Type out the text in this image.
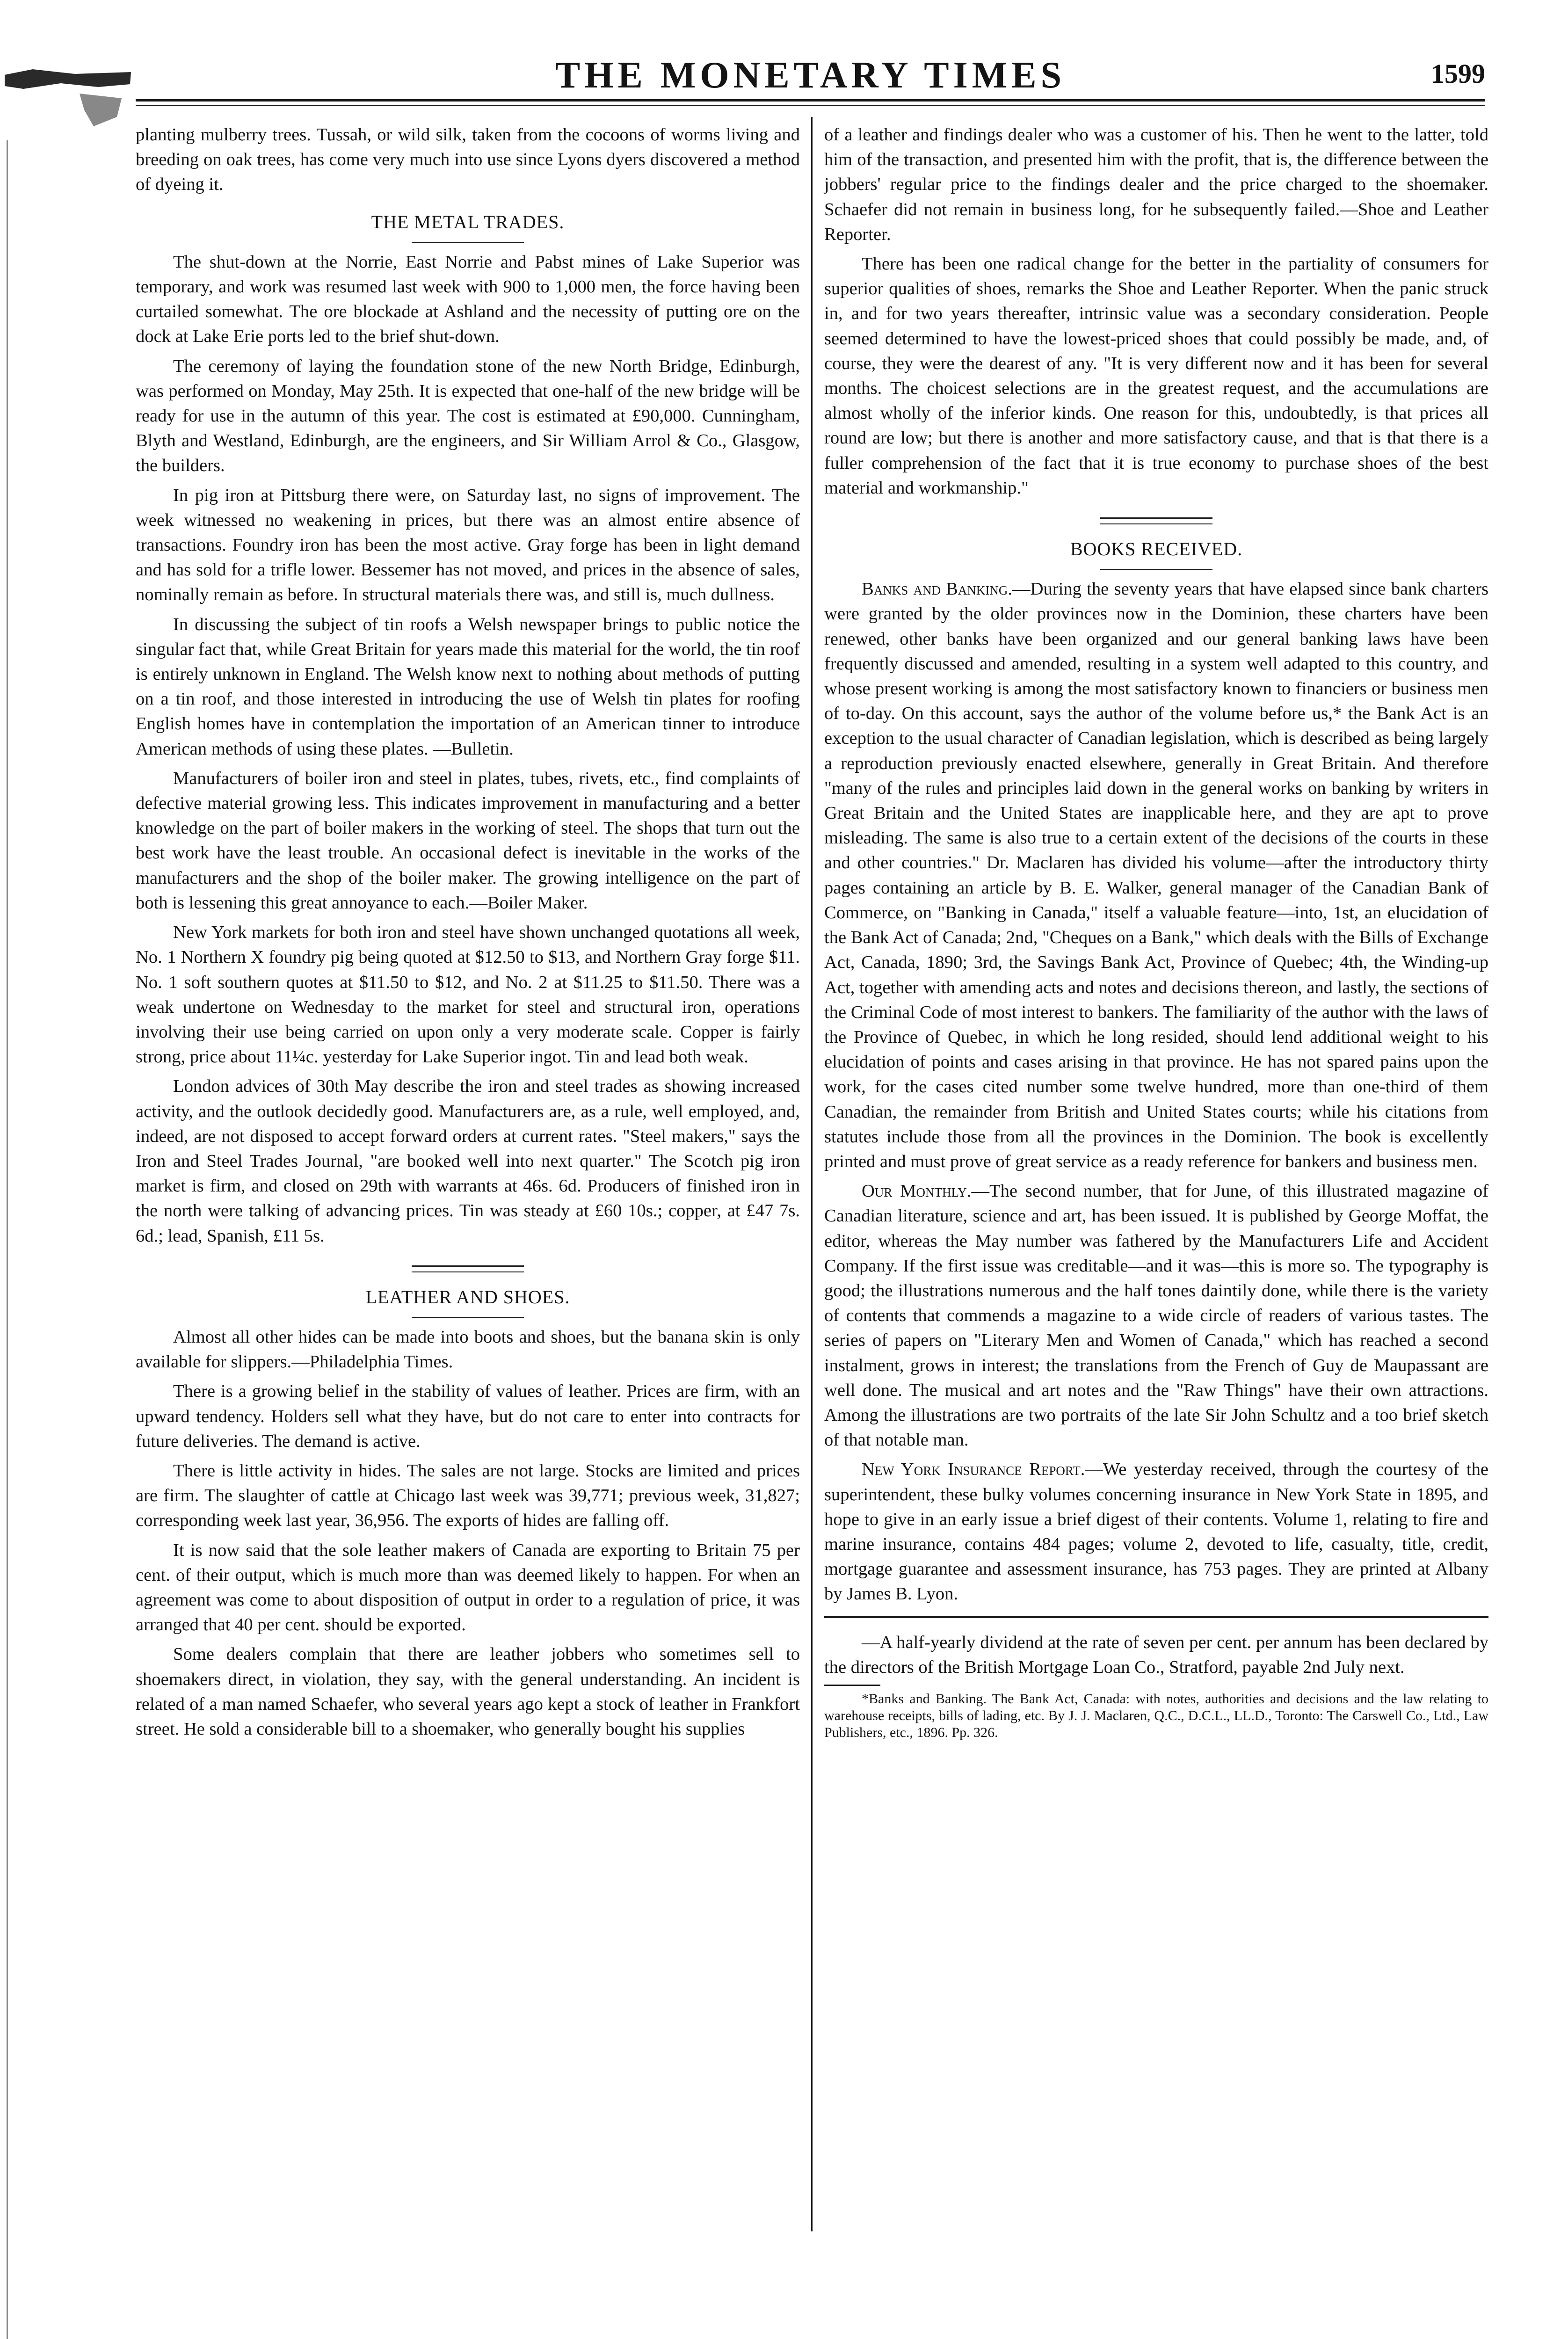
THE MONETARY TIMES	1599

planting mulberry trees. Tussah, or wild silk, taken from the cocoons of worms living and breeding on oak trees, has come very much into use since Lyons dyers discovered a method of dyeing it.

THE METAL TRADES.

The shut-down at the Norrie, East Norrie and Pabst mines of Lake Superior was temporary, and work was resumed last week with 900 to 1,000 men, the force having been curtailed somewhat. The ore blockade at Ashland and the necessity of putting ore on the dock at Lake Erie ports led to the brief shut-down.

The ceremony of laying the foundation stone of the new North Bridge, Edinburgh, was performed on Monday, May 25th. It is expected that one-half of the new bridge will be ready for use in the autumn of this year. The cost is estimated at £90,000. Cunningham, Blyth and Westland, Edinburgh, are the engineers, and Sir William Arrol & Co., Glasgow, the builders.

In pig iron at Pittsburg there were, on Saturday last, no signs of improvement. The week witnessed no weakening in prices, but there was an almost entire absence of transactions. Foundry iron has been the most active. Gray forge has been in light demand and has sold for a trifle lower. Bessemer has not moved, and prices in the absence of sales, nominally remain as before. In structural materials there was, and still is, much dullness.

In discussing the subject of tin roofs a Welsh newspaper brings to public notice the singular fact that, while Great Britain for years made this material for the world, the tin roof is entirely unknown in England. The Welsh know next to nothing about methods of putting on a tin roof, and those interested in introducing the use of Welsh tin plates for roofing English homes have in contemplation the importation of an American tinner to introduce American methods of using these plates. —Bulletin.

Manufacturers of boiler iron and steel in plates, tubes, rivets, etc., find complaints of defective material growing less. This indicates improvement in manufacturing and a better knowledge on the part of boiler makers in the working of steel. The shops that turn out the best work have the least trouble. An occasional defect is inevitable in the works of the manufacturers and the shop of the boiler maker. The growing intelligence on the part of both is lessening this great annoyance to each.—Boiler Maker.

New York markets for both iron and steel have shown unchanged quotations all week, No. 1 Northern X foundry pig being quoted at $12.50 to $13, and Northern Gray forge $11. No. 1 soft southern quotes at $11.50 to $12, and No. 2 at $11.25 to $11.50. There was a weak undertone on Wednesday to the market for steel and structural iron, operations involving their use being carried on upon only a very moderate scale. Copper is fairly strong, price about 11¼c. yesterday for Lake Superior ingot. Tin and lead both weak.

London advices of 30th May describe the iron and steel trades as showing increased activity, and the outlook decidedly good. Manufacturers are, as a rule, well employed, and, indeed, are not disposed to accept forward orders at current rates. "Steel makers," says the Iron and Steel Trades Journal, "are booked well into next quarter." The Scotch pig iron market is firm, and closed on 29th with warrants at 46s. 6d. Producers of finished iron in the north were talking of advancing prices. Tin was steady at £60 10s.; copper, at £47 7s. 6d.; lead, Spanish, £11 5s.

LEATHER AND SHOES.

Almost all other hides can be made into boots and shoes, but the banana skin is only available for slippers.—Philadelphia Times.

There is a growing belief in the stability of values of leather. Prices are firm, with an upward tendency. Holders sell what they have, but do not care to enter into contracts for future deliveries. The demand is active.

There is little activity in hides. The sales are not large. Stocks are limited and prices are firm. The slaughter of cattle at Chicago last week was 39,771; previous week, 31,827; corresponding week last year, 36,956. The exports of hides are falling off.

It is now said that the sole leather makers of Canada are exporting to Britain 75 per cent. of their output, which is much more than was deemed likely to happen. For when an agreement was come to about disposition of output in order to a regulation of price, it was arranged that 40 per cent. should be exported.

Some dealers complain that there are leather jobbers who sometimes sell to shoemakers direct, in violation, they say, with the general understanding. An incident is related of a man named Schaefer, who several years ago kept a stock of leather in Frankfort street. He sold a considerable bill to a shoemaker, who generally bought his supplies

of a leather and findings dealer who was a customer of his. Then he went to the latter, told him of the transaction, and presented him with the profit, that is, the difference between the jobbers' regular price to the findings dealer and the price charged to the shoemaker. Schaefer did not remain in business long, for he subsequently failed.—Shoe and Leather Reporter.

There has been one radical change for the better in the partiality of consumers for superior qualities of shoes, remarks the Shoe and Leather Reporter. When the panic struck in, and for two years thereafter, intrinsic value was a secondary consideration. People seemed determined to have the lowest-priced shoes that could possibly be made, and, of course, they were the dearest of any. "It is very different now and it has been for several months. The choicest selections are in the greatest request, and the accumulations are almost wholly of the inferior kinds. One reason for this, undoubtedly, is that prices all round are low; but there is another and more satisfactory cause, and that is that there is a fuller comprehension of the fact that it is true economy to purchase shoes of the best material and workmanship."

BOOKS RECEIVED.

Banks and Banking.—During the seventy years that have elapsed since bank charters were granted by the older provinces now in the Dominion, these charters have been renewed, other banks have been organized and our general banking laws have been frequently discussed and amended, resulting in a system well adapted to this country, and whose present working is among the most satisfactory known to financiers or business men of to-day. On this account, says the author of the volume before us,* the Bank Act is an exception to the usual character of Canadian legislation, which is described as being largely a reproduction previously enacted elsewhere, generally in Great Britain. And therefore "many of the rules and principles laid down in the general works on banking by writers in Great Britain and the United States are inapplicable here, and they are apt to prove misleading. The same is also true to a certain extent of the decisions of the courts in these and other countries." Dr. Maclaren has divided his volume—after the introductory thirty pages containing an article by B. E. Walker, general manager of the Canadian Bank of Commerce, on "Banking in Canada," itself a valuable feature—into, 1st, an elucidation of the Bank Act of Canada; 2nd, "Cheques on a Bank," which deals with the Bills of Exchange Act, Canada, 1890; 3rd, the Savings Bank Act, Province of Quebec; 4th, the Winding-up Act, together with amending acts and notes and decisions thereon, and lastly, the sections of the Criminal Code of most interest to bankers. The familiarity of the author with the laws of the Province of Quebec, in which he long resided, should lend additional weight to his elucidation of points and cases arising in that province. He has not spared pains upon the work, for the cases cited number some twelve hundred, more than one-third of them Canadian, the remainder from British and United States courts; while his citations from statutes include those from all the provinces in the Dominion. The book is excellently printed and must prove of great service as a ready reference for bankers and business men.

Our Monthly.—The second number, that for June, of this illustrated magazine of Canadian literature, science and art, has been issued. It is published by George Moffat, the editor, whereas the May number was fathered by the Manufacturers Life and Accident Company. If the first issue was creditable—and it was—this is more so. The typography is good; the illustrations numerous and the half tones daintily done, while there is the variety of contents that commends a magazine to a wide circle of readers of various tastes. The series of papers on "Literary Men and Women of Canada," which has reached a second instalment, grows in interest; the translations from the French of Guy de Maupassant are well done. The musical and art notes and the "Raw Things" have their own attractions. Among the illustrations are two portraits of the late Sir John Schultz and a too brief sketch of that notable man.

New York Insurance Report.—We yesterday received, through the courtesy of the superintendent, these bulky volumes concerning insurance in New York State in 1895, and hope to give in an early issue a brief digest of their contents. Volume 1, relating to fire and marine insurance, contains 484 pages; volume 2, devoted to life, casualty, title, credit, mortgage guarantee and assessment insurance, has 753 pages. They are printed at Albany by James B. Lyon.

—A half-yearly dividend at the rate of seven per cent. per annum has been declared by the directors of the British Mortgage Loan Co., Stratford, payable 2nd July next.

*Banks and Banking. The Bank Act, Canada: with notes, authorities and decisions and the law relating to warehouse receipts, bills of lading, etc. By J. J. Maclaren, Q.C., D.C.L., LL.D., Toronto: The Carswell Co., Ltd., Law Publishers, etc., 1896. Pp. 326.
